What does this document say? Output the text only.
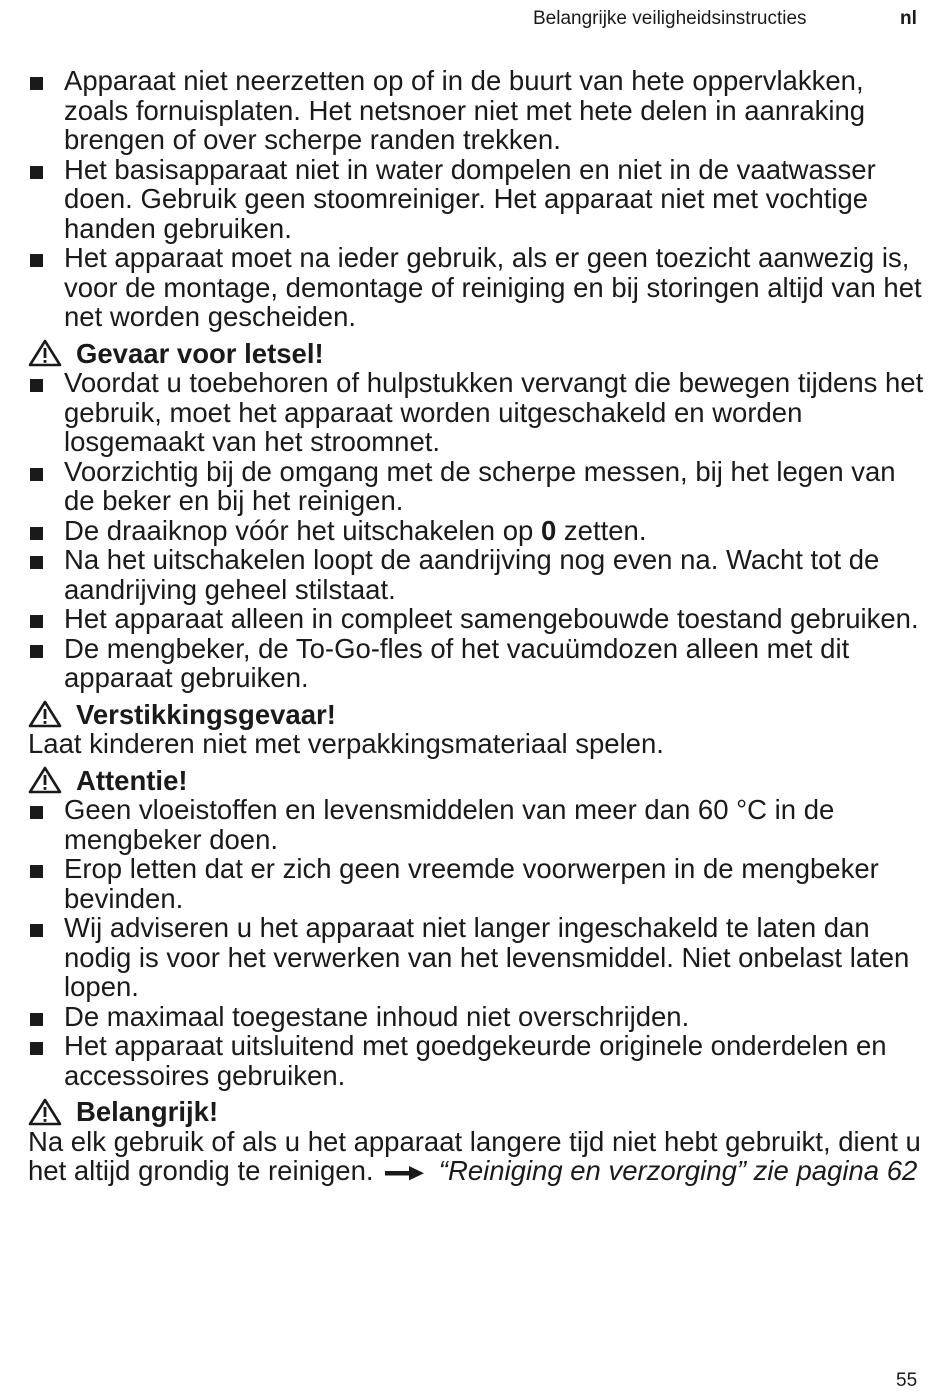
Belangrijke veiligheidsinstructies	nl
Apparaat niet neerzetten op of in de buurt van hete oppervlakken, zoals fornuisplaten. Het netsnoer niet met hete delen in aanraking brengen of over scherpe randen trekken.
Het basisapparaat niet in water dompelen en niet in de vaatwasser doen. Gebruik geen stoomreiniger. Het apparaat niet met vochtige handen gebruiken.
Het apparaat moet na ieder gebruik, als er geen toezicht aanwezig is, voor de montage, demontage of reiniging en bij storingen altijd van het net worden gescheiden.
Gevaar voor letsel!
Voordat u toebehoren of hulpstukken vervangt die bewegen tijdens het gebruik, moet het apparaat worden uitgeschakeld en worden losgemaakt van het stroomnet.
Voorzichtig bij de omgang met de scherpe messen, bij het legen van de beker en bij het reinigen.
De draaiknop vóór het uitschakelen op 0 zetten.
Na het uitschakelen loopt de aandrijving nog even na. Wacht tot de aandrijving geheel stilstaat.
Het apparaat alleen in compleet samengebouwde toestand gebruiken.
De mengbeker, de To-Go-fles of het vacuümdozen alleen met dit apparaat gebruiken.
Verstikkingsgevaar!
Laat kinderen niet met verpakkingsmateriaal spelen.
Attentie!
Geen vloeistoffen en levensmiddelen van meer dan 60 °C in de mengbeker doen.
Erop letten dat er zich geen vreemde voorwerpen in de mengbeker bevinden.
Wij adviseren u het apparaat niet langer ingeschakeld te laten dan nodig is voor het verwerken van het levensmiddel. Niet onbelast laten lopen.
De maximaal toegestane inhoud niet overschrijden.
Het apparaat uitsluitend met goedgekeurde originele onderdelen en accessoires gebruiken.
Belangrijk!
Na elk gebruik of als u het apparaat langere tijd niet hebt gebruikt, dient u het altijd grondig te reinigen. “Reiniging en verzorging” zie pagina 62
55
